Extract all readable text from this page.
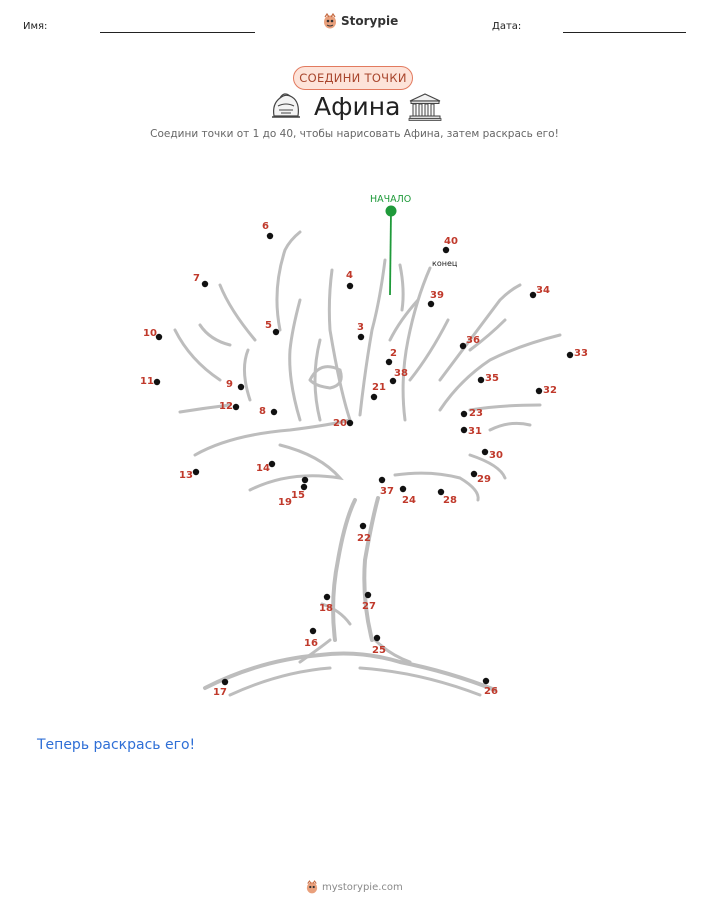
Имя:	Storypie	Дата:
СОЕДИНИ ТОЧКИ
Афина
Соедини точки от 1 до 40, чтобы нарисовать Афина, затем раскрась его!
НАЧАЛО
конец
2
3
4
5
6
7
8
9
10
11
12
13
14
15
16
17
18
19
20
21
22
23
24
25
26
27
28
29
30
31
32
33
34
35
36
37
38
39
40
Теперь раскрась его!
mystorypie.com
